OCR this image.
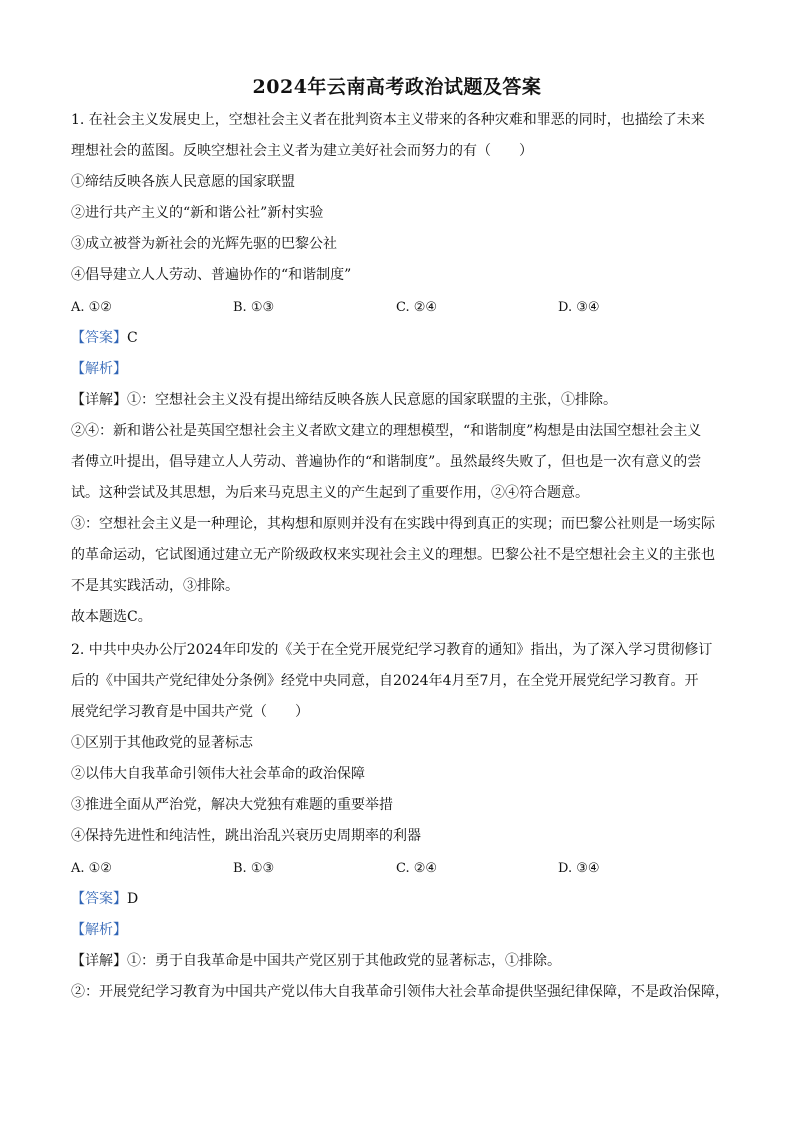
2024年云南高考政治试题及答案
1. 在社会主义发展史上，空想社会主义者在批判资本主义带来的各种灾难和罪恶的同时，也描绘了未来
理想社会的蓝图。反映空想社会主义者为建立美好社会而努力的有（　　）
①缔结反映各族人民意愿的国家联盟
②进行共产主义的“新和谐公社”新村实验
③成立被誉为新社会的光辉先驱的巴黎公社
④倡导建立人人劳动、普遍协作的“和谐制度”
A. ①②	B. ①③	C. ②④	D. ③④
【答案】C
【解析】
【详解】①：空想社会主义没有提出缔结反映各族人民意愿的国家联盟的主张，①排除。
②④：新和谐公社是英国空想社会主义者欧文建立的理想模型，“和谐制度”构想是由法国空想社会主义
者傅立叶提出，倡导建立人人劳动、普遍协作的“和谐制度”。虽然最终失败了，但也是一次有意义的尝
试。这种尝试及其思想，为后来马克思主义的产生起到了重要作用，②④符合题意。
③：空想社会主义是一种理论，其构想和原则并没有在实践中得到真正的实现；而巴黎公社则是一场实际
的革命运动，它试图通过建立无产阶级政权来实现社会主义的理想。巴黎公社不是空想社会主义的主张也
不是其实践活动，③排除。
故本题选C。
2. 中共中央办公厅2024年印发的《关于在全党开展党纪学习教育的通知》指出，为了深入学习贯彻修订
后的《中国共产党纪律处分条例》经党中央同意，自2024年4月至7月，在全党开展党纪学习教育。开
展党纪学习教育是中国共产党（　　）
①区别于其他政党的显著标志
②以伟大自我革命引领伟大社会革命的政治保障
③推进全面从严治党，解决大党独有难题的重要举措
④保持先进性和纯洁性，跳出治乱兴衰历史周期率的利器
A. ①②	B. ①③	C. ②④	D. ③④
【答案】D
【解析】
【详解】①：勇于自我革命是中国共产党区别于其他政党的显著标志，①排除。
②：开展党纪学习教育为中国共产党以伟大自我革命引领伟大社会革命提供坚强纪律保障，不是政治保障，
